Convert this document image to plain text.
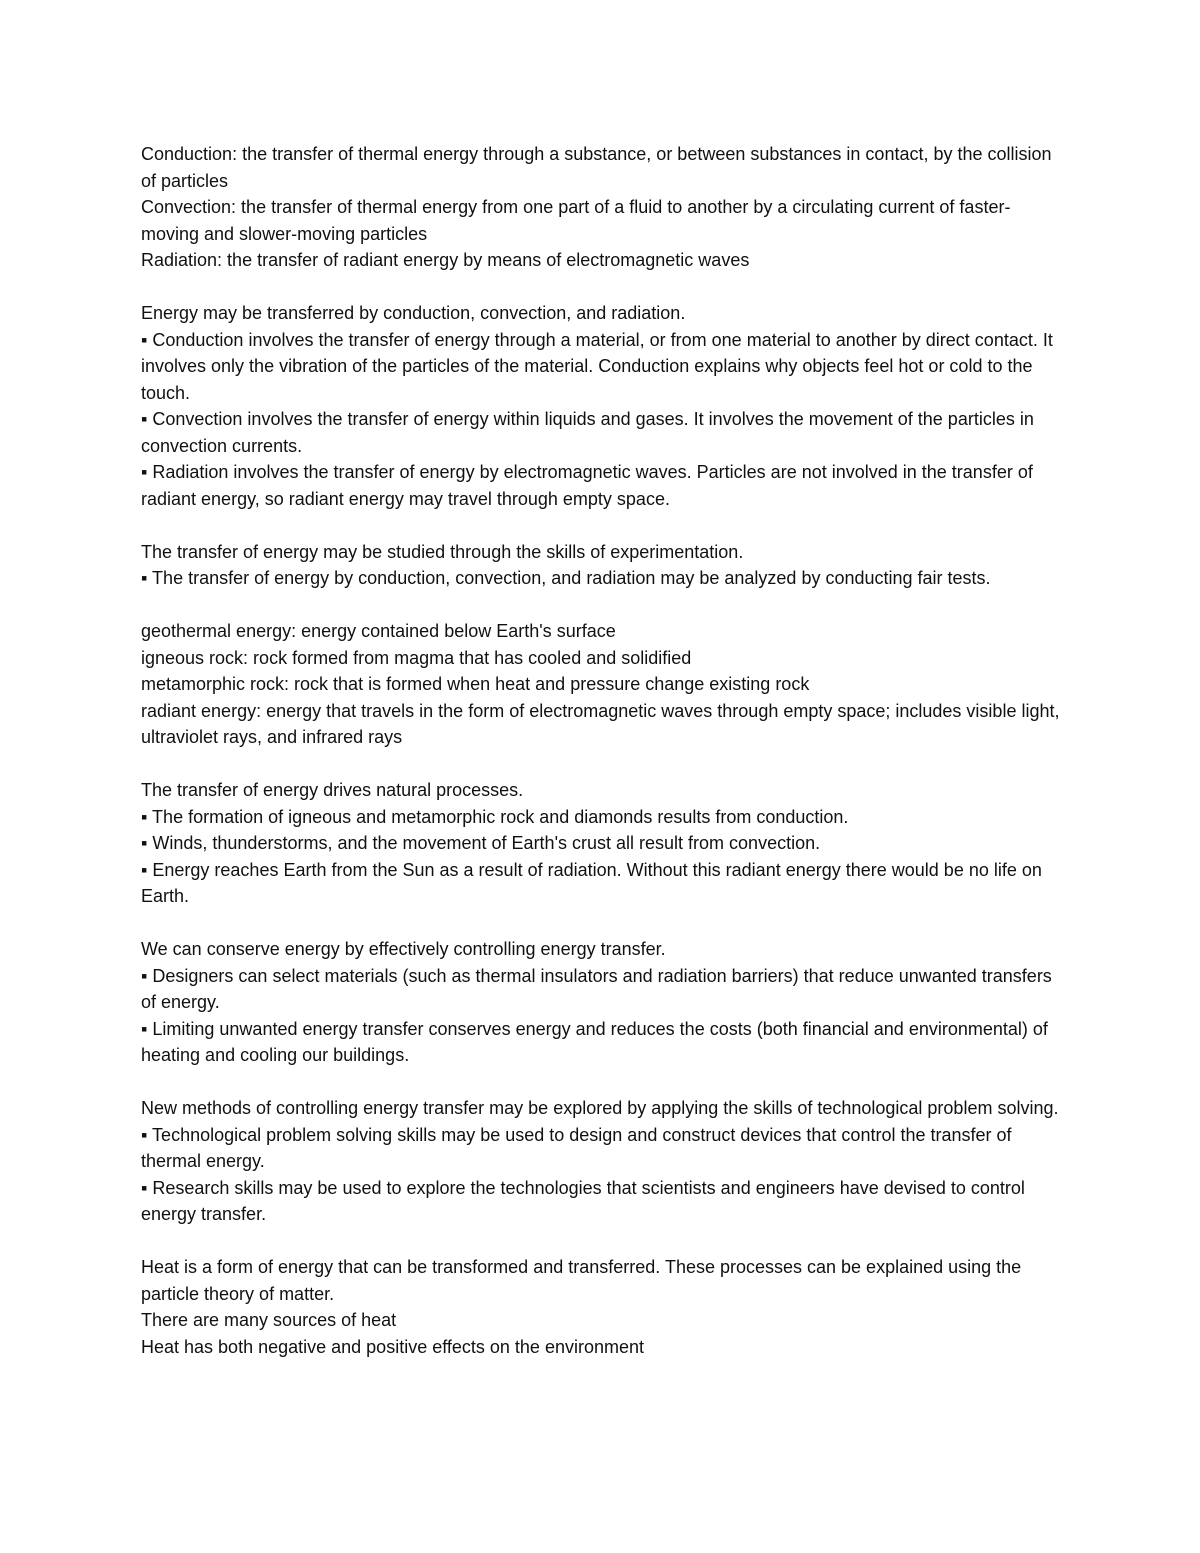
Conduction: the transfer of thermal energy through a substance, or between substances in contact, by the collision of particles

Convection: the transfer of thermal energy from one part of a fluid to another by a circulating current of faster-moving and slower-moving particles

Radiation: the transfer of radiant energy by means of electromagnetic waves

Energy may be transferred by conduction, convection, and radiation.

▪ Conduction involves the transfer of energy through a material, or from one material to another by direct contact. It involves only the vibration of the particles of the material. Conduction explains why objects feel hot or cold to the touch.

▪ Convection involves the transfer of energy within liquids and gases. It involves the movement of the particles in convection currents.

▪ Radiation involves the transfer of energy by electromagnetic waves. Particles are not involved in the transfer of radiant energy, so radiant energy may travel through empty space.

The transfer of energy may be studied through the skills of experimentation.

▪ The transfer of energy by conduction, convection, and radiation may be analyzed by conducting fair tests.

geothermal energy: energy contained below Earth's surface

igneous rock: rock formed from magma that has cooled and solidified

metamorphic rock: rock that is formed when heat and pressure change existing rock

radiant energy: energy that travels in the form of electromagnetic waves through empty space; includes visible light, ultraviolet rays, and infrared rays

The transfer of energy drives natural processes.

▪ The formation of igneous and metamorphic rock and diamonds results from conduction.

▪ Winds, thunderstorms, and the movement of Earth's crust all result from convection.

▪ Energy reaches Earth from the Sun as a result of radiation. Without this radiant energy there would be no life on Earth.

We can conserve energy by effectively controlling energy transfer.

▪ Designers can select materials (such as thermal insulators and radiation barriers) that reduce unwanted transfers of energy.

▪ Limiting unwanted energy transfer conserves energy and reduces the costs (both financial and environmental) of heating and cooling our buildings.

New methods of controlling energy transfer may be explored by applying the skills of technological problem solving.

▪ Technological problem solving skills may be used to design and construct devices that control the transfer of thermal energy.

▪ Research skills may be used to explore the technologies that scientists and engineers have devised to control energy transfer.

Heat is a form of energy that can be transformed and transferred. These processes can be explained using the particle theory of matter.

There are many sources of heat

Heat has both negative and positive effects on the environment
